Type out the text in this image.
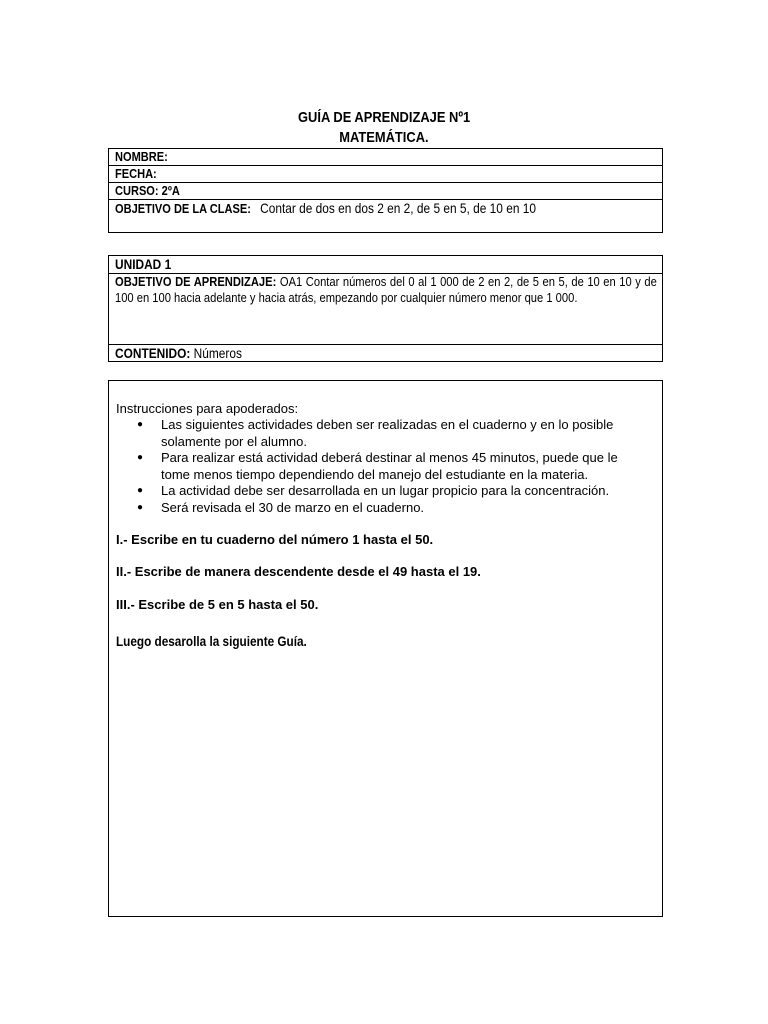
GUÍA DE APRENDIZAJE Nº1
MATEMÁTICA.
NOMBRE:
FECHA:
CURSO: 2ºA
OBJETIVO DE LA CLASE: Contar de dos en dos 2 en 2, de 5 en 5, de 10 en 10
UNIDAD 1

OBJETIVO DE APRENDIZAJE: OA1 Contar números del 0 al 1 000 de 2 en 2, de 5 en 5, de 10 en 10 y de 100 en 100 hacia adelante y hacia atrás, empezando por cualquier número menor que 1 000.

CONTENIDO: Números
Instrucciones para apoderados:
● Las siguientes actividades deben ser realizadas en el cuaderno y en lo posible solamente por el alumno.
● Para realizar está actividad deberá destinar al menos 45 minutos, puede que le tome menos tiempo dependiendo del manejo del estudiante en la materia.
● La actividad debe ser desarrollada en un lugar propicio para la concentración.
● Será revisada el 30 de marzo en el cuaderno.
I.- Escribe en tu cuaderno del número 1 hasta el 50.
II.- Escribe de manera descendente desde el 49 hasta el 19.
III.- Escribe de 5 en 5 hasta el 50.
Luego desarolla la siguiente Guía.
